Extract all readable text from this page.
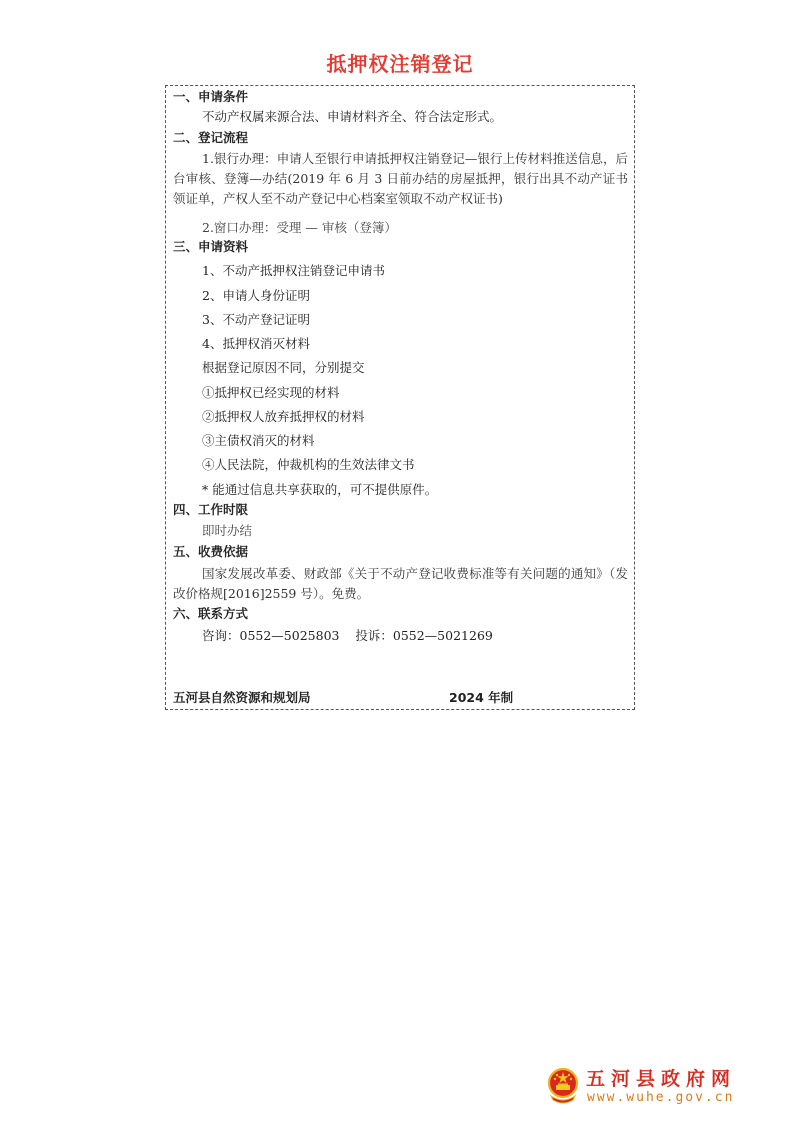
抵押权注销登记
一、申请条件
不动产权属来源合法、申请材料齐全、符合法定形式。
二、登记流程
1.银行办理：申请人至银行申请抵押权注销登记—银行上传材料推送信息，后台审核、登簿—办结(2019 年 6 月 3 日前办结的房屋抵押，银行出具不动产证书领证单，产权人至不动产登记中心档案室领取不动产权证书)
2.窗口办理：受理 — 审核（登簿）
三、申请资料
1、不动产抵押权注销登记申请书
2、申请人身份证明
3、不动产登记证明
4、抵押权消灭材料
根据登记原因不同，分别提交
①抵押权已经实现的材料
②抵押权人放弃抵押权的材料
③主债权消灭的材料
④人民法院，仲裁机构的生效法律文书
* 能通过信息共享获取的，可不提供原件。
四、工作时限
即时办结
五、收费依据
国家发展改革委、财政部《关于不动产登记收费标准等有关问题的通知》（发改价格规[2016]2559 号）。免费。
六、联系方式
咨询：0552—5025803    投诉：0552—5021269
五河县自然资源和规划局	2024 年制
五河县政府网
www.wuhe.gov.cn
